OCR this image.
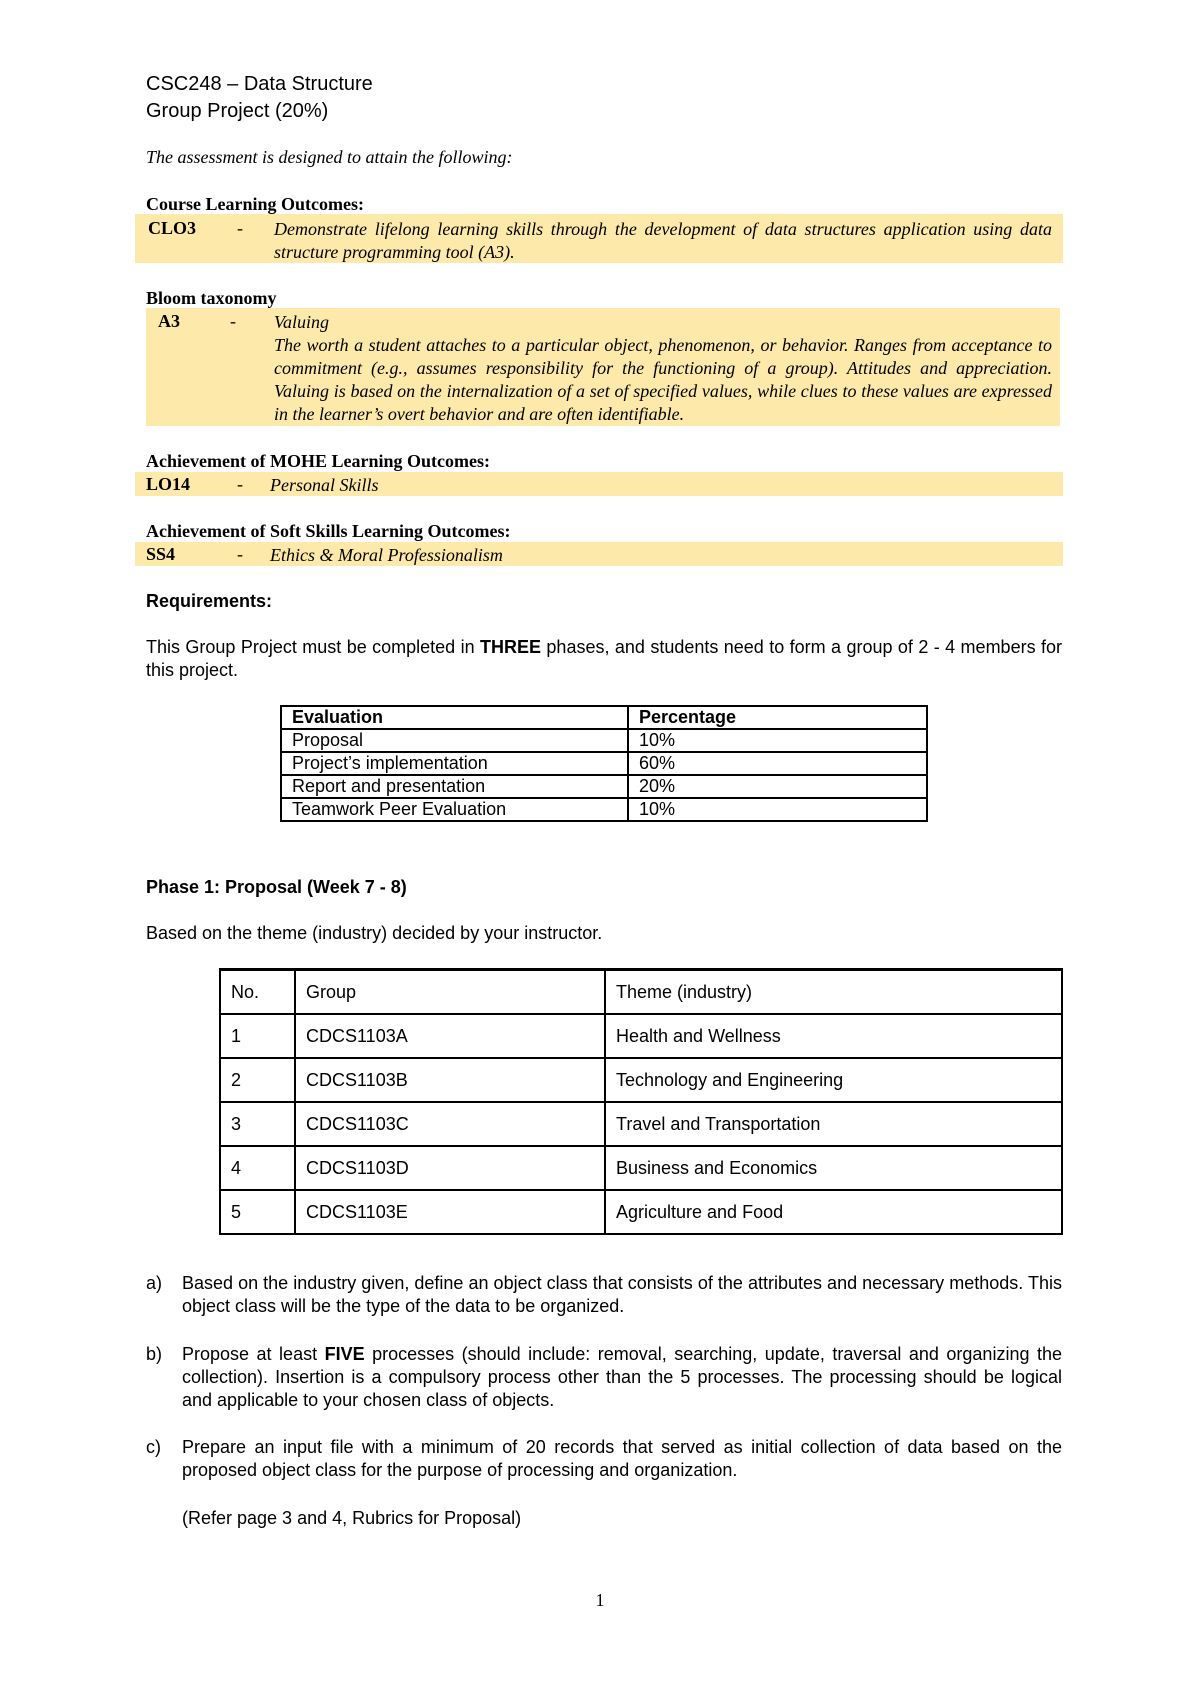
CSC248 – Data Structure
Group Project (20%)
The assessment is designed to attain the following:
Course Learning Outcomes:
CLO3 - Demonstrate lifelong learning skills through the development of data structures application using data structure programming tool (A3).
Bloom taxonomy
A3	- Valuing
The worth a student attaches to a particular object, phenomenon, or behavior. Ranges from acceptance to commitment (e.g., assumes responsibility for the functioning of a group). Attitudes and appreciation. Valuing is based on the internalization of a set of specified values, while clues to these values are expressed in the learner’s overt behavior and are often identifiable.
Achievement of MOHE Learning Outcomes:
LO14	- Personal Skills
Achievement of Soft Skills Learning Outcomes:
SS4	- Ethics & Moral Professionalism
Requirements:
This Group Project must be completed in THREE phases, and students need to form a group of 2 - 4 members for this project.
Evaluation	Percentage
Proposal	10%
Project’s implementation	60%
Report and presentation	20%
Teamwork Peer Evaluation	10%
Phase 1: Proposal (Week 7 - 8)
Based on the theme (industry) decided by your instructor.
No.	Group	Theme (industry)
1	CDCS1103A	Health and Wellness
2	CDCS1103B	Technology and Engineering
3	CDCS1103C	Travel and Transportation
4	CDCS1103D	Business and Economics
5	CDCS1103E	Agriculture and Food
a) Based on the industry given, define an object class that consists of the attributes and necessary methods. This object class will be the type of the data to be organized.
b) Propose at least FIVE processes (should include: removal, searching, update, traversal and organizing the collection). Insertion is a compulsory process other than the 5 processes. The processing should be logical and applicable to your chosen class of objects.
c) Prepare an input file with a minimum of 20 records that served as initial collection of data based on the proposed object class for the purpose of processing and organization.
(Refer page 3 and 4, Rubrics for Proposal)
1
